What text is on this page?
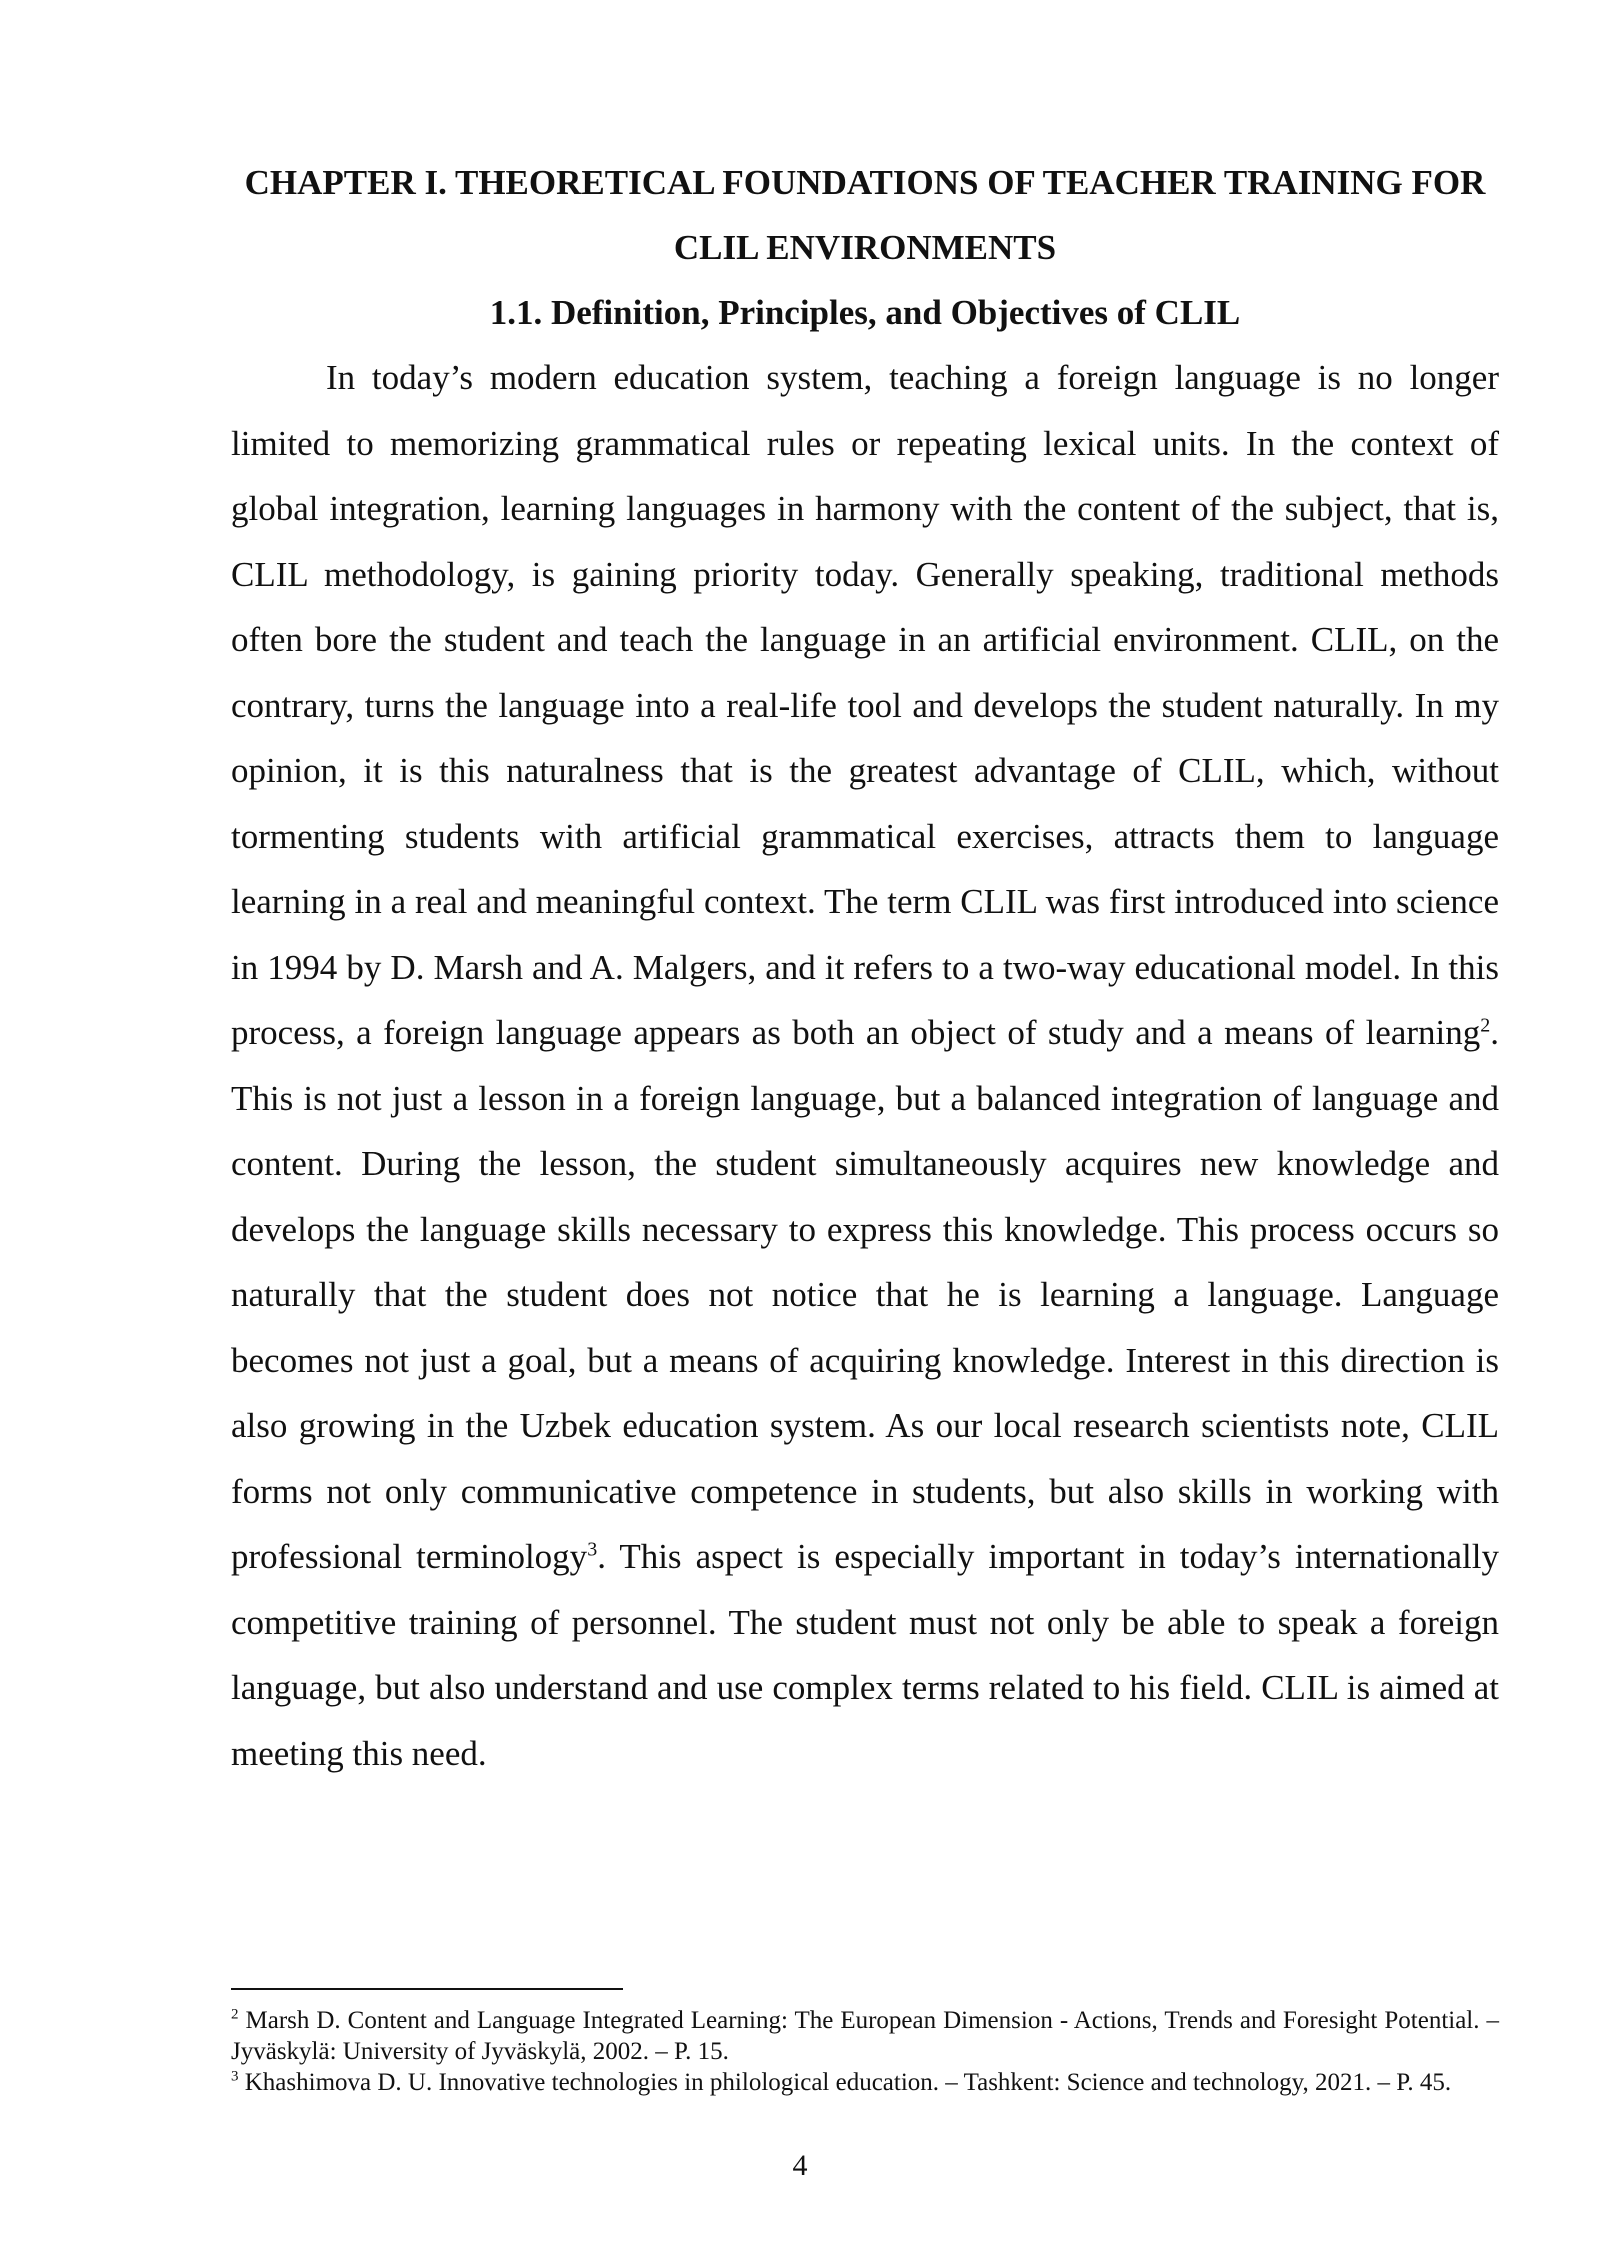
CHAPTER I. THEORETICAL FOUNDATIONS OF TEACHER TRAINING FOR CLIL ENVIRONMENTS
1.1. Definition, Principles, and Objectives of CLIL

In today’s modern education system, teaching a foreign language is no longer limited to memorizing grammatical rules or repeating lexical units. In the context of global integration, learning languages in harmony with the content of the subject, that is, CLIL methodology, is gaining priority today. Generally speaking, traditional methods often bore the student and teach the language in an artificial environment. CLIL, on the contrary, turns the language into a real-life tool and develops the student naturally. In my opinion, it is this naturalness that is the greatest advantage of CLIL, which, without tormenting students with artificial grammatical exercises, attracts them to language learning in a real and meaningful context. The term CLIL was first introduced into science in 1994 by D. Marsh and A. Malgers, and it refers to a two-way educational model. In this process, a foreign language appears as both an object of study and a means of learning$^2$. This is not just a lesson in a foreign language, but a balanced integration of language and content. During the lesson, the student simultaneously acquires new knowledge and develops the language skills necessary to express this knowledge. This process occurs so naturally that the student does not notice that he is learning a language. Language becomes not just a goal, but a means of acquiring knowledge. Interest in this direction is also growing in the Uzbek education system. As our local research scientists note, CLIL forms not only communicative competence in students, but also skills in working with professional terminology$^3$. This aspect is especially important in today’s internationally competitive training of personnel. The student must not only be able to speak a foreign language, but also understand and use complex terms related to his field. CLIL is aimed at meeting this need.

$^2$ Marsh D. Content and Language Integrated Learning: The European Dimension - Actions, Trends and Foresight Potential. – Jyväskylä: University of Jyväskylä, 2002. – P. 15.

$^3$ Khashimova D. U. Innovative technologies in philological education. – Tashkent: Science and technology, 2021. – P. 45.

4
